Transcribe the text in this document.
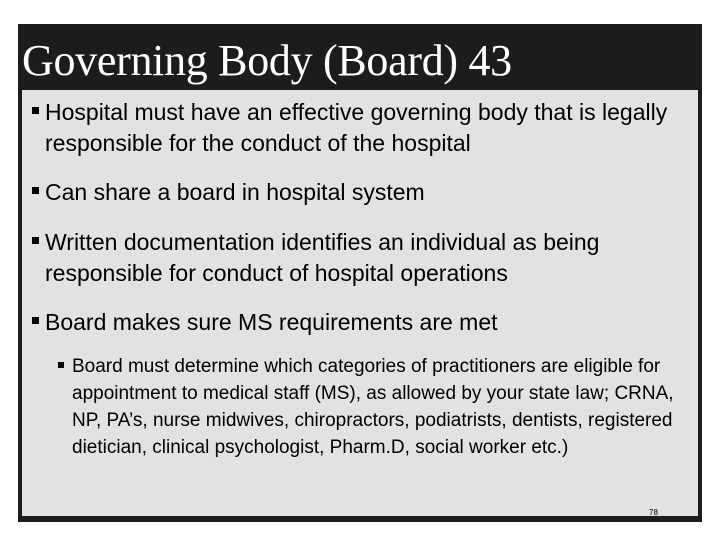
Governing Body (Board) 43
Hospital must have an effective governing body that is legally responsible for the conduct of the hospital
Can share a board in hospital system
Written documentation identifies an individual as being responsible for conduct of hospital operations
Board makes sure MS requirements are met
Board must determine which categories of practitioners are eligible for appointment to medical staff (MS), as allowed by your state law; CRNA, NP, PA’s, nurse midwives, chiropractors, podiatrists, dentists, registered dietician, clinical psychologist, Pharm.D, social worker etc.)
78
